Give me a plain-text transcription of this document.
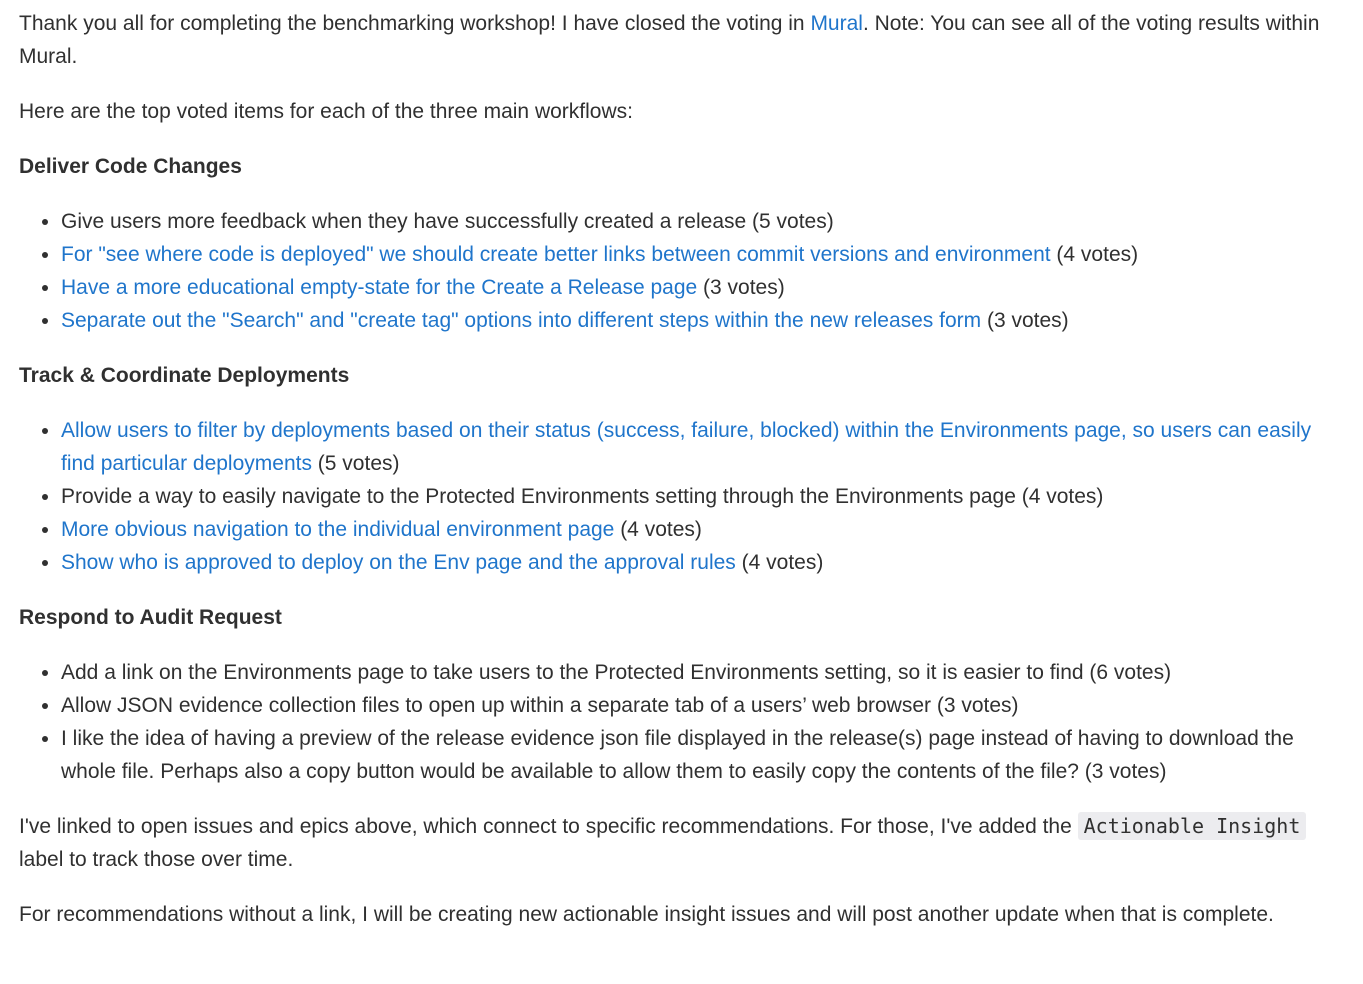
Thank you all for completing the benchmarking workshop! I have closed the voting in Mural. Note: You can see all of the voting results within Mural.

Here are the top voted items for each of the three main workflows:

Deliver Code Changes
• Give users more feedback when they have successfully created a release (5 votes)
• For "see where code is deployed" we should create better links between commit versions and environment (4 votes)
• Have a more educational empty-state for the Create a Release page (3 votes)
• Separate out the "Search" and "create tag" options into different steps within the new releases form (3 votes)
Track & Coordinate Deployments
• Allow users to filter by deployments based on their status (success, failure, blocked) within the Environments page, so users can easily find particular deployments (5 votes)
• Provide a way to easily navigate to the Protected Environments setting through the Environments page (4 votes)
• More obvious navigation to the individual environment page (4 votes)
• Show who is approved to deploy on the Env page and the approval rules (4 votes)
Respond to Audit Request
• Add a link on the Environments page to take users to the Protected Environments setting, so it is easier to find (6 votes)
• Allow JSON evidence collection files to open up within a separate tab of a users’ web browser (3 votes)
• I like the idea of having a preview of the release evidence json file displayed in the release(s) page instead of having to download the whole file. Perhaps also a copy button would be available to allow them to easily copy the contents of the file? (3 votes)

I've linked to open issues and epics above, which connect to specific recommendations. For those, I've added the Actionable Insight label to track those over time.

For recommendations without a link, I will be creating new actionable insight issues and will post another update when that is complete.
